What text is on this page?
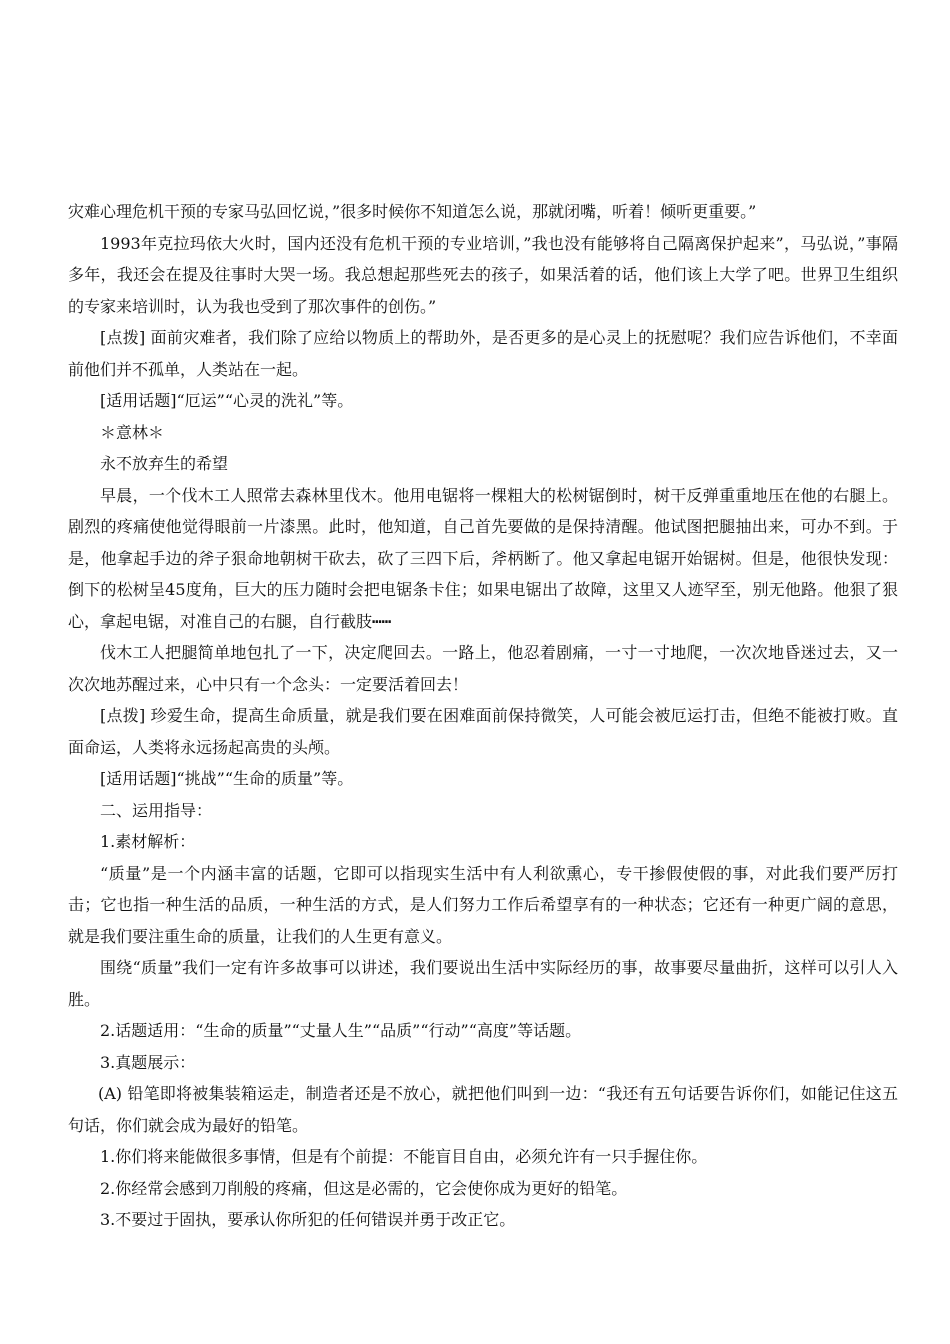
灾难心理危机干预的专家马弘回忆说，”很多时候你不知道怎么说，那就闭嘴，听着！倾听更重要。”

1993年克拉玛依大火时，国内还没有危机干预的专业培训，”我也没有能够将自己隔离保护起来”，马弘说，”事隔多年，我还会在提及往事时大哭一场。我总想起那些死去的孩子，如果活着的话，他们该上大学了吧。世界卫生组织的专家来培训时，认为我也受到了那次事件的创伤。”

[点拨] 面前灾难者，我们除了应给以物质上的帮助外，是否更多的是心灵上的抚慰呢？我们应告诉他们，不幸面前他们并不孤单，人类站在一起。

[适用话题]“厄运”“心灵的洗礼”等。

＊意林＊

永不放弃生的希望

早晨，一个伐木工人照常去森林里伐木。他用电锯将一棵粗大的松树锯倒时，树干反弹重重地压在他的右腿上。剧烈的疼痛使他觉得眼前一片漆黑。此时，他知道，自己首先要做的是保持清醒。他试图把腿抽出来，可办不到。于是，他拿起手边的斧子狠命地朝树干砍去，砍了三四下后，斧柄断了。他又拿起电锯开始锯树。但是，他很快发现：倒下的松树呈45度角，巨大的压力随时会把电锯条卡住；如果电锯出了故障，这里又人迹罕至，别无他路。他狠了狠心，拿起电锯，对准自己的右腿，自行截肢┅┅

伐木工人把腿简单地包扎了一下，决定爬回去。一路上，他忍着剧痛，一寸一寸地爬，一次次地昏迷过去，又一次次地苏醒过来，心中只有一个念头：一定要活着回去！

[点拨] 珍爱生命，提高生命质量，就是我们要在困难面前保持微笑，人可能会被厄运打击，但绝不能被打败。直面命运，人类将永远扬起高贵的头颅。

[适用话题]“挑战”“生命的质量”等。

二、运用指导：

1.素材解析：

“质量”是一个内涵丰富的话题，它即可以指现实生活中有人利欲熏心，专干掺假使假的事，对此我们要严厉打击；它也指一种生活的品质，一种生活的方式，是人们努力工作后希望享有的一种状态；它还有一种更广阔的意思，就是我们要注重生命的质量，让我们的人生更有意义。

围绕“质量”我们一定有许多故事可以讲述，我们要说出生活中实际经历的事，故事要尽量曲折，这样可以引人入胜。

2.话题适用：“生命的质量”“丈量人生”“品质”“行动”“高度”等话题。

3.真题展示：

(A) 铅笔即将被集装箱运走，制造者还是不放心，就把他们叫到一边：“我还有五句话要告诉你们，如能记住这五句话，你们就会成为最好的铅笔。

1.你们将来能做很多事情，但是有个前提：不能盲目自由，必须允许有一只手握住你。

2.你经常会感到刀削般的疼痛，但这是必需的，它会使你成为更好的铅笔。

3.不要过于固执，要承认你所犯的任何错误并勇于改正它。
